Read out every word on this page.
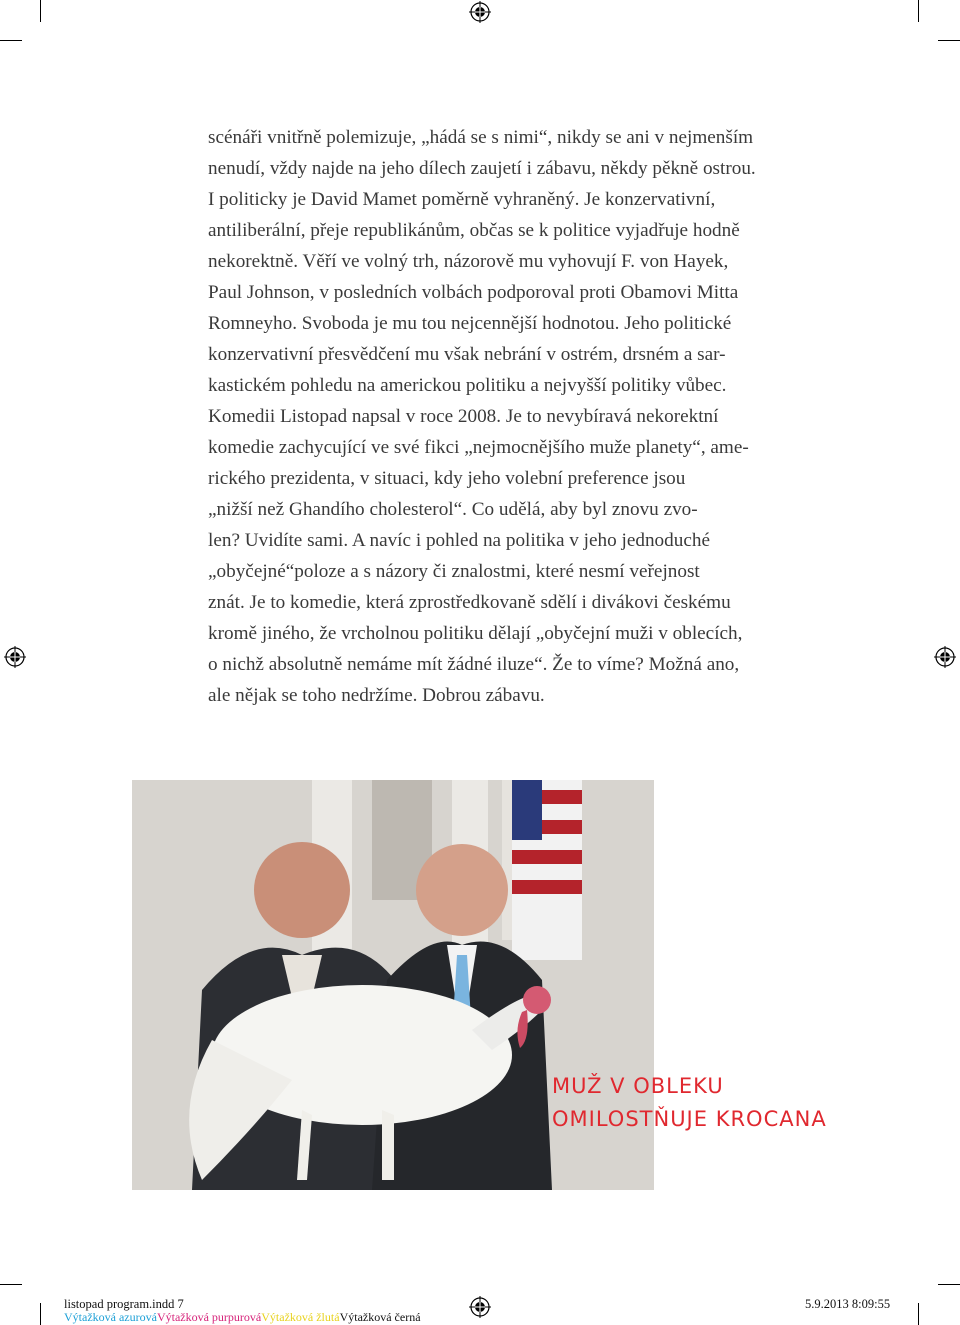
scénáři vnitřně polemizuje, „hádá se s nimi“, nikdy se ani v nejmenším
nenudí, vždy najde na jeho dílech zaujetí i zábavu, někdy pěkně ostrou.
I politicky je David Mamet poměrně vyhraněný. Je konzervativní,
antiliberální, přeje republikánům, občas se k politice vyjadřuje hodně
nekorektně. Věří ve volný trh, názorově mu vyhovují F. von Hayek,
Paul Johnson, v posledních volbách podporoval proti Obamovi Mitta
Romneyho. Svoboda je mu tou nejcennější hodnotou. Jeho politické
konzervativní přesvědčení mu však nebrání v ostrém, drsném a sar-
kastickém pohledu na americkou politiku a nejvyšší politiky vůbec.
Komedii Listopad napsal v roce 2008. Je to nevybíravá nekorektní
komedie zachycující ve své fikci „nejmocnějšího muže planety“, ame-
rického prezidenta, v situaci, kdy jeho volební preference jsou
„nižší než Ghandího cholesterol“. Co udělá, aby byl znovu zvo-
len? Uvidíte sami. A navíc i pohled na politika v jeho jednoduché
„obyčejné“poloze a s názory či znalostmi, které nesmí veřejnost
znát. Je to komedie, která zprostředkovaně sdělí i divákovi českému
kromě jiného, že vrcholnou politiku dělají „obyčejní muži v oblecích,
o nichž absolutně nemáme mít žádné iluze“. Že to víme? Možná ano,
ale nějak se toho nedržíme. Dobrou zábavu.
MUŽ V OBLEKU
OMILOSTŇUJE KROCANA
listopad program.indd 7	5.9.2013 8:09:55
Výtažková azurováVýtažková purpurováVýtažková žlutáVýtažková černá
